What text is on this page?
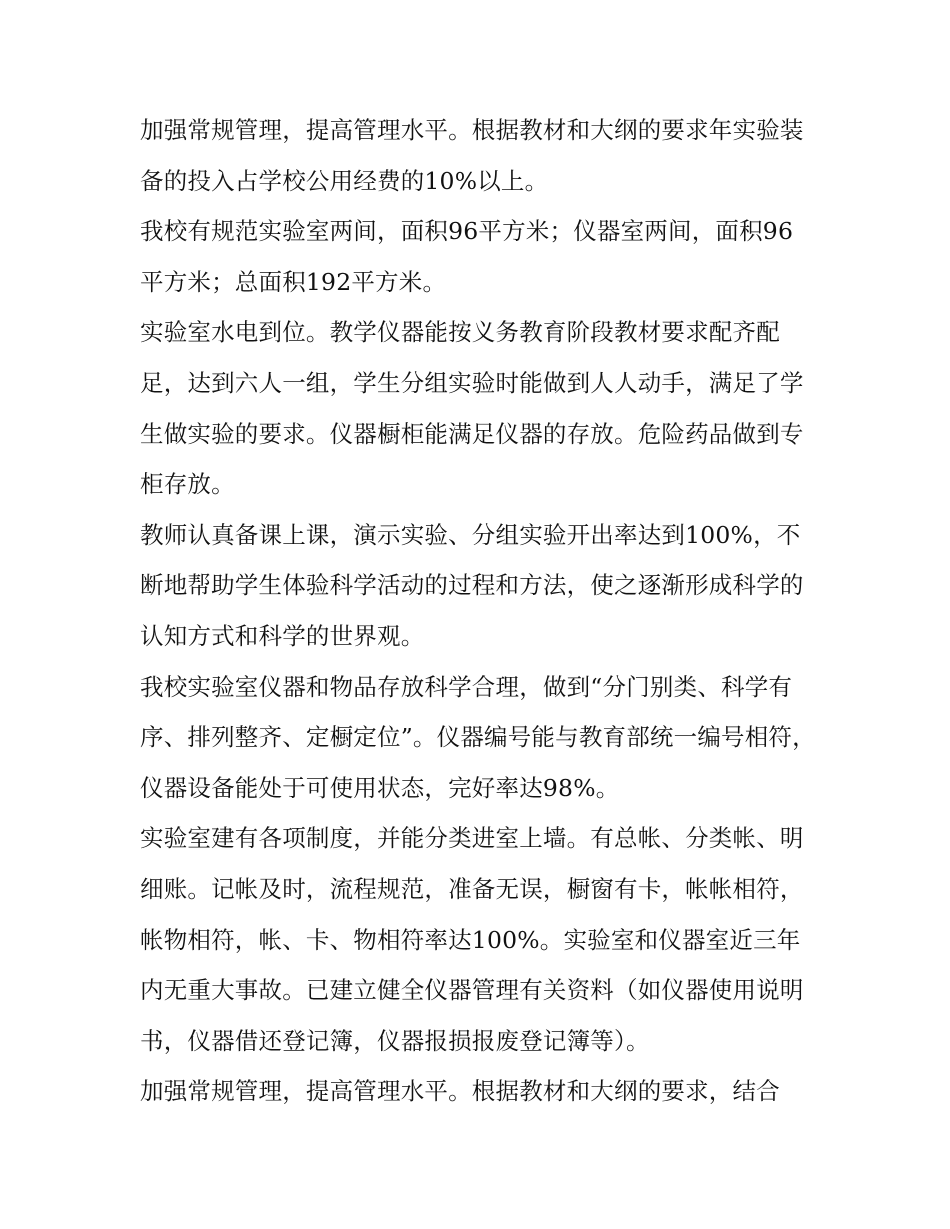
加强常规管理，提高管理水平。根据教材和大纲的要求年实验装备的投入占学校公用经费的10%以上。

我校有规范实验室两间，面积96平方米；仪器室两间，面积96平方米；总面积192平方米。

实验室水电到位。教学仪器能按义务教育阶段教材要求配齐配足，达到六人一组，学生分组实验时能做到人人动手，满足了学生做实验的要求。仪器橱柜能满足仪器的存放。危险药品做到专柜存放。

教师认真备课上课，演示实验、分组实验开出率达到100%，不断地帮助学生体验科学活动的过程和方法，使之逐渐形成科学的认知方式和科学的世界观。

我校实验室仪器和物品存放科学合理，做到“分门别类、科学有序、排列整齐、定橱定位”。仪器编号能与教育部统一编号相符，仪器设备能处于可使用状态，完好率达98%。

实验室建有各项制度，并能分类进室上墙。有总帐、分类帐、明细账。记帐及时，流程规范，准备无误，橱窗有卡，帐帐相符，帐物相符，帐、卡、物相符率达100%。实验室和仪器室近三年内无重大事故。已建立健全仪器管理有关资料（如仪器使用说明书，仪器借还登记簿，仪器报损报废登记簿等）。

加强常规管理，提高管理水平。根据教材和大纲的要求，结合
